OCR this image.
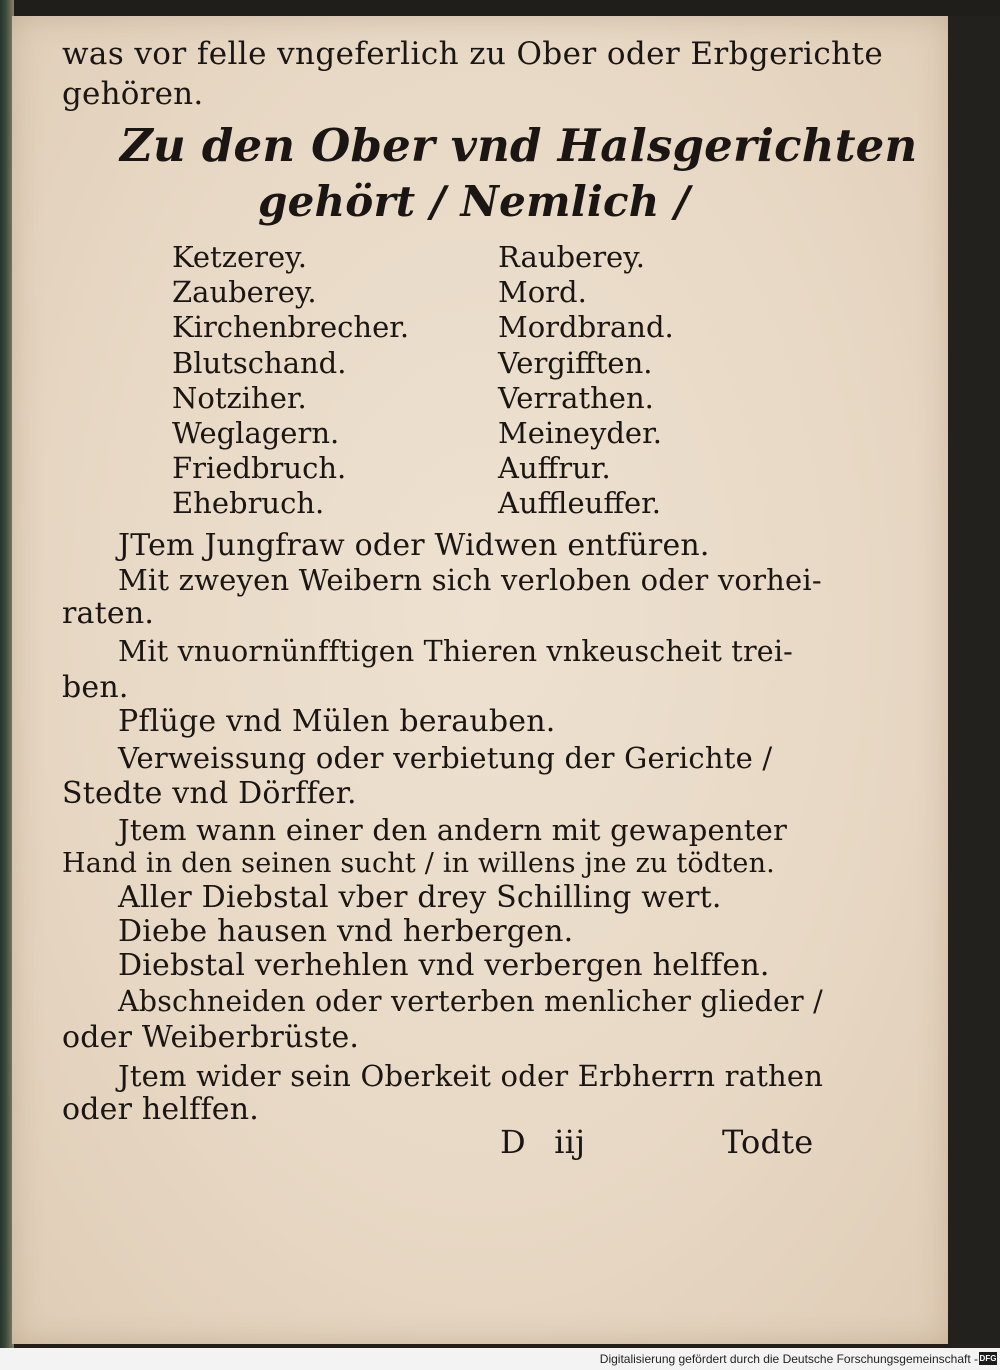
was vor felle vngeferlich zu Ober oder Erbgerichte
gehören.
Zu den Ober vnd Halsgerichten
gehört / Nemlich /
Ketzerey.
Zauberey.
Kirchenbrecher.
Blutschand.
Notziher.
Weglagern.
Friedbruch.
Ehebruch.
Rauberey.
Mord.
Mordbrand.
Vergifften.
Verrathen.
Meineyder.
Auffrur.
Auffleuffer.
JTem Jungfraw oder Widwen entfüren.
Mit zweyen Weibern sich verloben oder vorhei-
raten.
Mit vnuornünfftigen Thieren vnkeuscheit trei-
ben.
Pflüge vnd Mülen berauben.
Verweissung oder verbietung der Gerichte /
Stedte vnd Dörffer.
Jtem wann einer den andern mit gewapenter
Hand in den seinen sucht / in willens jne zu tödten.
Aller Diebstal vber drey Schilling wert.
Diebe hausen vnd herbergen.
Diebstal verhehlen vnd verbergen helffen.
Abschneiden oder verterben menlicher glieder /
oder Weiberbrüste.
Jtem wider sein Oberkeit oder Erbherrn rathen
oder helffen.
D iij	Todte
Digitalisierung gefördert durch die Deutsche Forschungsgemeinschaft - DFG
